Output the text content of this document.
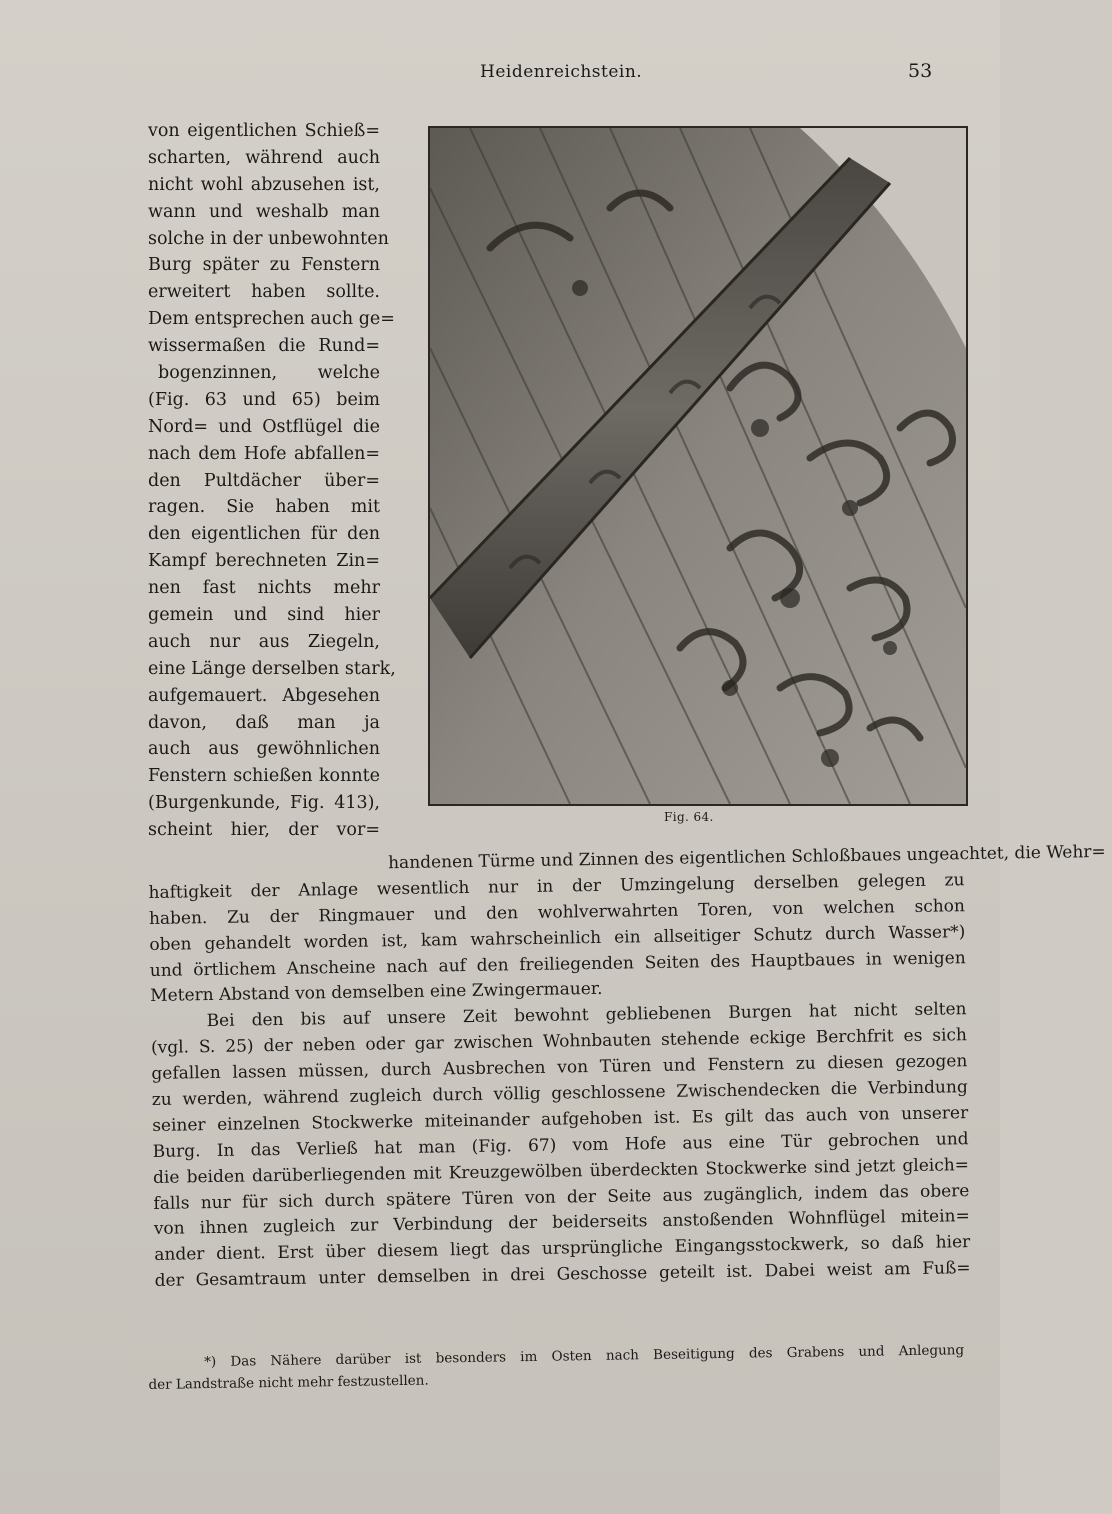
Heidenreichstein.	53
von eigentlichen Schieß=
scharten, während auch
nicht wohl abzusehen ist,
wann und weshalb man
solche in der unbewohnten
Burg später zu Fenstern
erweitert haben sollte.
Dem entsprechen auch ge=
wissermaßen die Rund=
bogenzinnen, welche
(Fig. 63 und 65) beim
Nord= und Ostflügel die
nach dem Hofe abfallen=
den Pultdächer über=
ragen. Sie haben mit
den eigentlichen für den
Kampf berechneten Zin=
nen fast nichts mehr
gemein und sind hier
auch nur aus Ziegeln,
eine Länge derselben stark,
aufgemauert. Abgesehen
davon, daß man ja
auch aus gewöhnlichen
Fenstern schießen konnte
(Burgenkunde, Fig. 413),
scheint hier, der vor=
Fig. 64.
handenen Türme und Zinnen des eigentlichen Schloßbaues ungeachtet, die Wehr=
haftigkeit der Anlage wesentlich nur in der Umzingelung derselben gelegen zu
haben. Zu der Ringmauer und den wohlverwahrten Toren, von welchen schon
oben gehandelt worden ist, kam wahrscheinlich ein allseitiger Schutz durch Wasser*)
und örtlichem Anscheine nach auf den freiliegenden Seiten des Hauptbaues in wenigen
Metern Abstand von demselben eine Zwingermauer.
Bei den bis auf unsere Zeit bewohnt gebliebenen Burgen hat nicht selten
(vgl. S. 25) der neben oder gar zwischen Wohnbauten stehende eckige Berchfrit es sich
gefallen lassen müssen, durch Ausbrechen von Türen und Fenstern zu diesen gezogen
zu werden, während zugleich durch völlig geschlossene Zwischendecken die Verbindung
seiner einzelnen Stockwerke miteinander aufgehoben ist. Es gilt das auch von unserer
Burg. In das Verließ hat man (Fig. 67) vom Hofe aus eine Tür gebrochen und
die beiden darüberliegenden mit Kreuzgewölben überdeckten Stockwerke sind jetzt gleich=
falls nur für sich durch spätere Türen von der Seite aus zugänglich, indem das obere
von ihnen zugleich zur Verbindung der beiderseits anstoßenden Wohnflügel mitein=
ander dient. Erst über diesem liegt das ursprüngliche Eingangsstockwerk, so daß hier
der Gesamtraum unter demselben in drei Geschosse geteilt ist. Dabei weist am Fuß=
*) Das Nähere darüber ist besonders im Osten nach Beseitigung des Grabens und Anlegung
der Landstraße nicht mehr festzustellen.
